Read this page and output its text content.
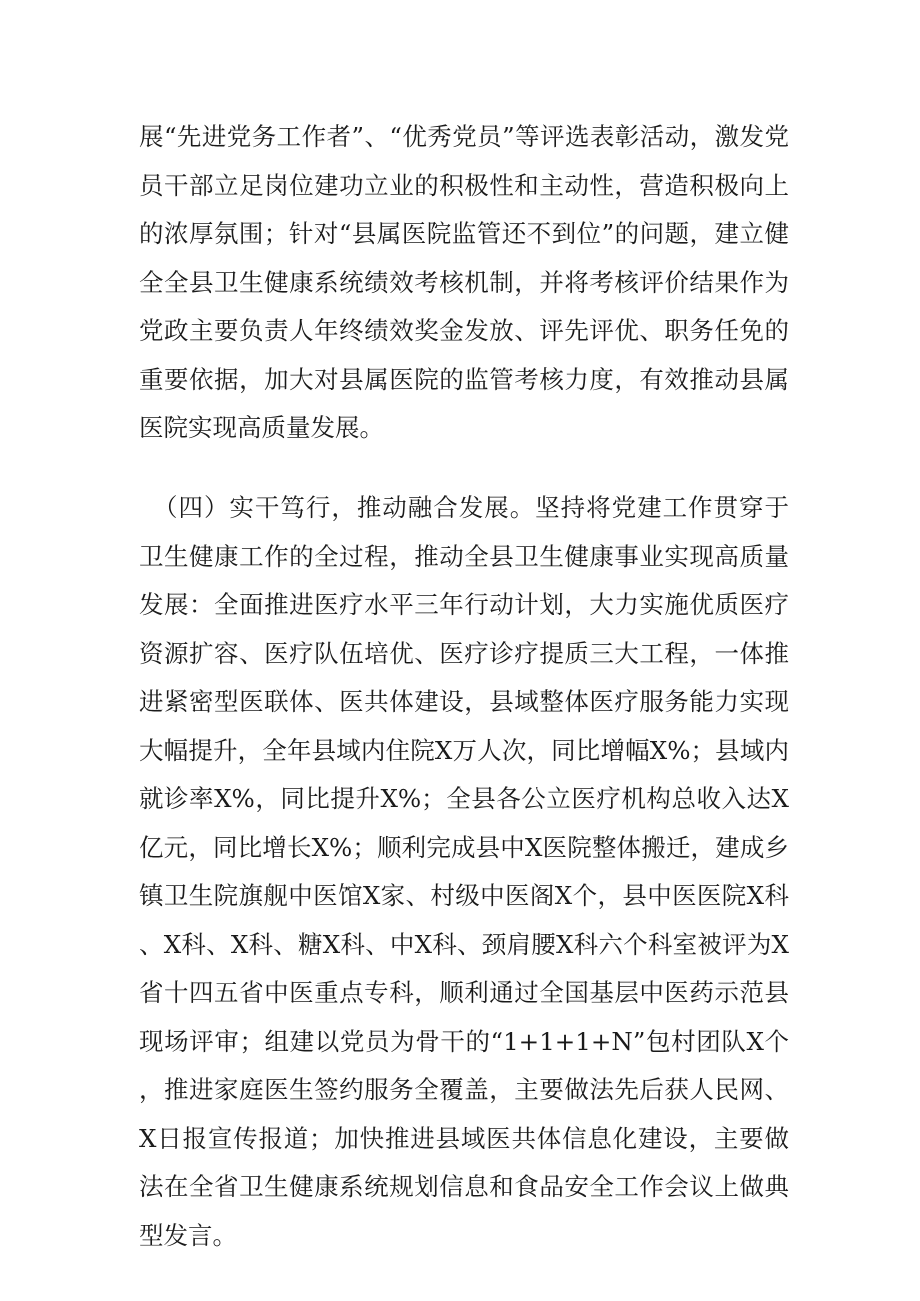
展“先进党务工作者”、“优秀党员”等评选表彰活动，激发党员干部立足岗位建功立业的积极性和主动性，营造积极向上的浓厚氛围；针对“县属医院监管还不到位”的问题，建立健全全县卫生健康系统绩效考核机制，并将考核评价结果作为党政主要负责人年终绩效奖金发放、评先评优、职务任免的重要依据，加大对县属医院的监管考核力度，有效推动县属医院实现高质量发展。

（四）实干笃行，推动融合发展。坚持将党建工作贯穿于卫生健康工作的全过程，推动全县卫生健康事业实现高质量发展：全面推进医疗水平三年行动计划，大力实施优质医疗资源扩容、医疗队伍培优、医疗诊疗提质三大工程，一体推进紧密型医联体、医共体建设，县域整体医疗服务能力实现大幅提升，全年县域内住院X万人次，同比增幅X%；县域内就诊率X%，同比提升X%；全县各公立医疗机构总收入达X亿元，同比增长X%；顺利完成县中X医院整体搬迁，建成乡镇卫生院旗舰中医馆X家、村级中医阁X个，县中医医院X科、X科、X科、糖X科、中X科、颈肩腰X科六个科室被评为X省十四五省中医重点专科，顺利通过全国基层中医药示范县现场评审；组建以党员为骨干的“1+1+1+N”包村团队X个，推进家庭医生签约服务全覆盖，主要做法先后获人民网、X日报宣传报道；加快推进县域医共体信息化建设，主要做法在全省卫生健康系统规划信息和食品安全工作会议上做典型发言。
